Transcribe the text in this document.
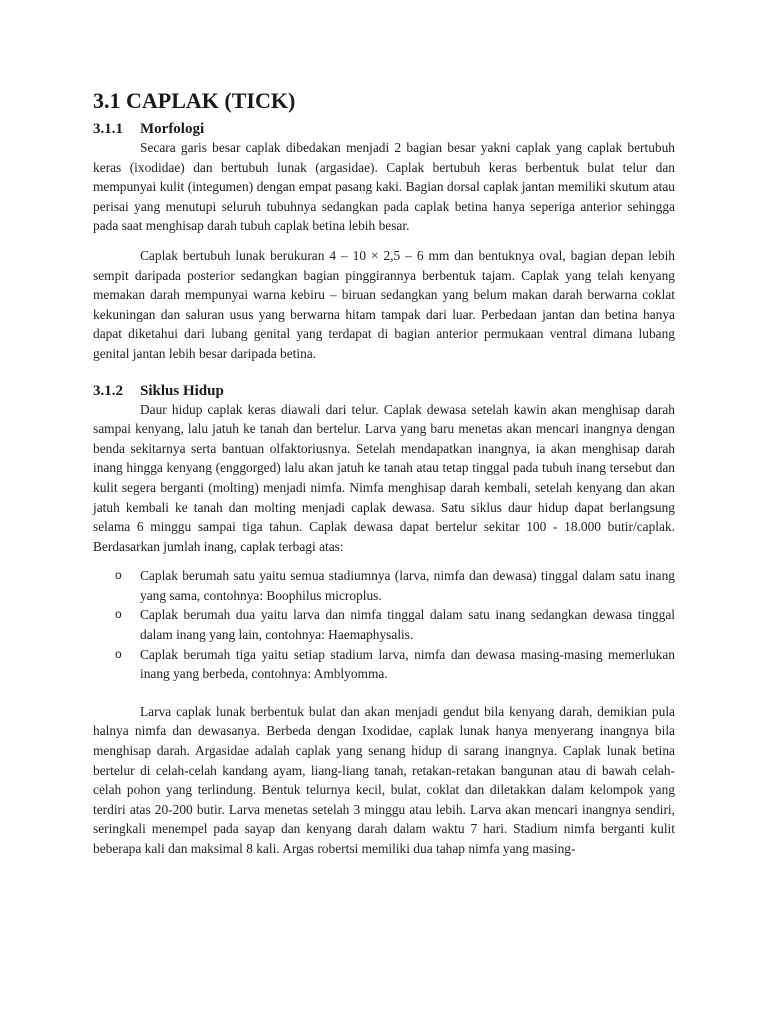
3.1 CAPLAK (TICK)
3.1.1 Morfologi

Secara garis besar caplak dibedakan menjadi 2 bagian besar yakni caplak yang caplak bertubuh keras (ixodidae) dan bertubuh lunak (argasidae). Caplak bertubuh keras berbentuk bulat telur dan mempunyai kulit (integumen) dengan empat pasang kaki. Bagian dorsal caplak jantan memiliki skutum atau perisai yang menutupi seluruh tubuhnya sedangkan pada caplak betina hanya seperiga anterior sehingga pada saat menghisap darah tubuh caplak betina lebih besar.

Caplak bertubuh lunak berukuran 4 – 10 × 2,5 – 6 mm dan bentuknya oval, bagian depan lebih sempit daripada posterior sedangkan bagian pinggirannya berbentuk tajam. Caplak yang telah kenyang memakan darah mempunyai warna kebiru – biruan sedangkan yang belum makan darah berwarna coklat kekuningan dan saluran usus yang berwarna hitam tampak dari luar. Perbedaan jantan dan betina hanya dapat diketahui dari lubang genital yang terdapat di bagian anterior permukaan ventral dimana lubang genital jantan lebih besar daripada betina.

3.1.2 Siklus Hidup

Daur hidup caplak keras diawali dari telur. Caplak dewasa setelah kawin akan menghisap darah sampai kenyang, lalu jatuh ke tanah dan bertelur. Larva yang baru menetas akan mencari inangnya dengan benda sekitarnya serta bantuan olfaktoriusnya. Setelah mendapatkan inangnya, ia akan menghisap darah inang hingga kenyang (enggorged) lalu akan jatuh ke tanah atau tetap tinggal pada tubuh inang tersebut dan kulit segera berganti (molting) menjadi nimfa. Nimfa menghisap darah kembali, setelah kenyang dan akan jatuh kembali ke tanah dan molting menjadi caplak dewasa. Satu siklus daur hidup dapat berlangsung selama 6 minggu sampai tiga tahun. Caplak dewasa dapat bertelur sekitar 100 - 18.000 butir/caplak. Berdasarkan jumlah inang, caplak terbagi atas:

o Caplak berumah satu yaitu semua stadiumnya (larva, nimfa dan dewasa) tinggal dalam satu inang yang sama, contohnya: Boophilus microplus.
o Caplak berumah dua yaitu larva dan nimfa tinggal dalam satu inang sedangkan dewasa tinggal dalam inang yang lain, contohnya: Haemaphysalis.
o Caplak berumah tiga yaitu setiap stadium larva, nimfa dan dewasa masing-masing memerlukan inang yang berbeda, contohnya: Amblyomma.

Larva caplak lunak berbentuk bulat dan akan menjadi gendut bila kenyang darah, demikian pula halnya nimfa dan dewasanya. Berbeda dengan Ixodidae, caplak lunak hanya menyerang inangnya bila menghisap darah. Argasidae adalah caplak yang senang hidup di sarang inangnya. Caplak lunak betina bertelur di celah-celah kandang ayam, liang-liang tanah, retakan-retakan bangunan atau di bawah celah-celah pohon yang terlindung. Bentuk telurnya kecil, bulat, coklat dan diletakkan dalam kelompok yang terdiri atas 20-200 butir. Larva menetas setelah 3 minggu atau lebih. Larva akan mencari inangnya sendiri, seringkali menempel pada sayap dan kenyang darah dalam waktu 7 hari. Stadium nimfa berganti kulit beberapa kali dan maksimal 8 kali. Argas robertsi memiliki dua tahap nimfa yang masing-
